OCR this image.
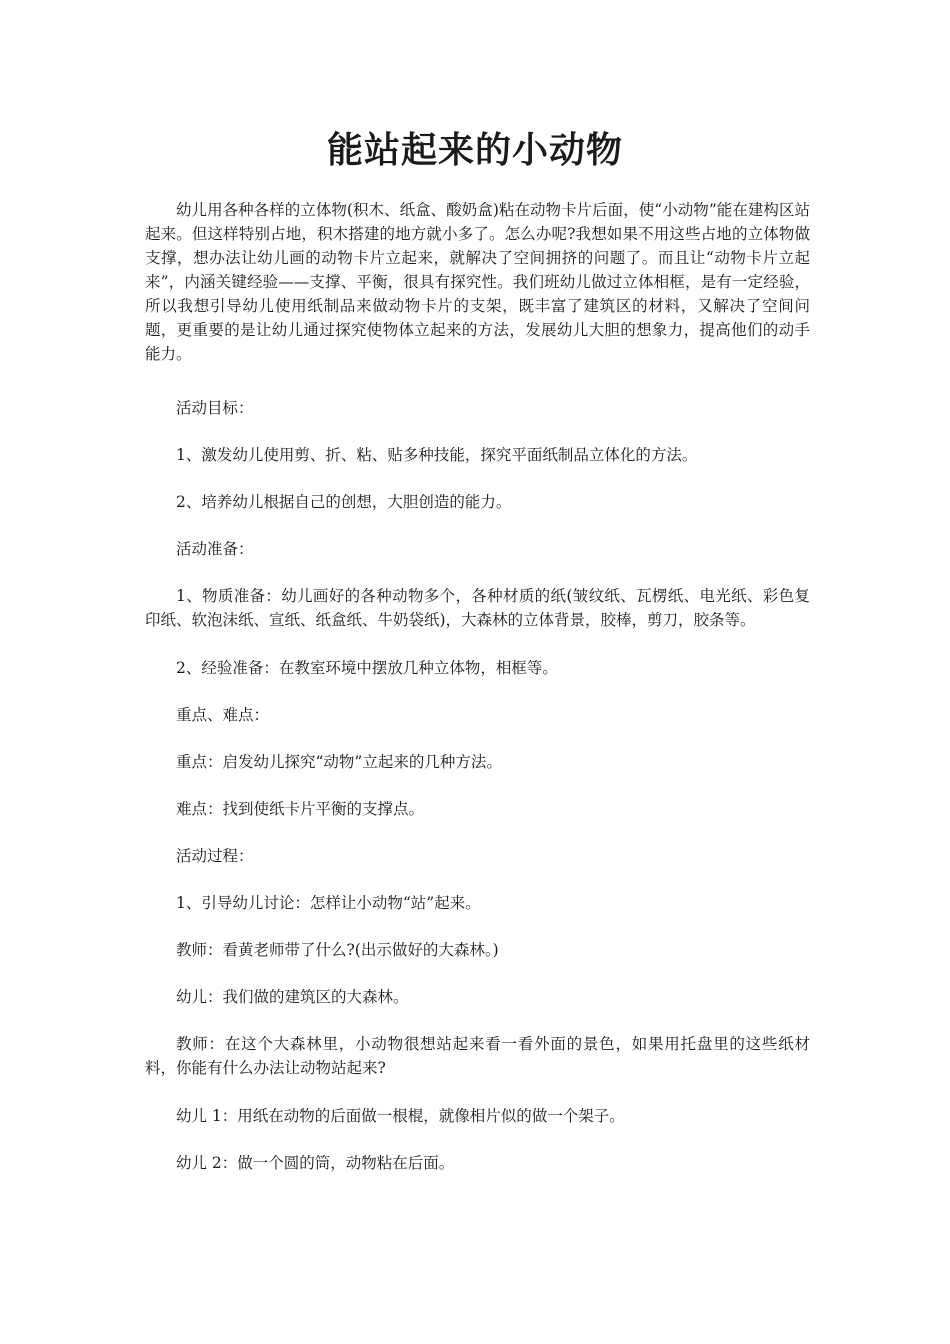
能站起来的小动物

幼儿用各种各样的立体物(积木、纸盒、酸奶盒)粘在动物卡片后面，使“小动物”能在建构区站起来。但这样特别占地，积木搭建的地方就小多了。怎么办呢?我想如果不用这些占地的立体物做支撑，想办法让幼儿画的动物卡片立起来，就解决了空间拥挤的问题了。而且让“动物卡片立起来”，内涵关键经验——支撑、平衡，很具有探究性。我们班幼儿做过立体相框，是有一定经验，所以我想引导幼儿使用纸制品来做动物卡片的支架，既丰富了建筑区的材料，又解决了空间问题，更重要的是让幼儿通过探究使物体立起来的方法，发展幼儿大胆的想象力，提高他们的动手能力。

活动目标：

1、激发幼儿使用剪、折、粘、贴多种技能，探究平面纸制品立体化的方法。

2、培养幼儿根据自己的创想，大胆创造的能力。

活动准备：

1、物质准备：幼儿画好的各种动物多个，各种材质的纸(皱纹纸、瓦楞纸、电光纸、彩色复印纸、软泡沫纸、宣纸、纸盒纸、牛奶袋纸)，大森林的立体背景，胶棒，剪刀，胶条等。

2、经验准备：在教室环境中摆放几种立体物，相框等。

重点、难点：

重点：启发幼儿探究“动物”立起来的几种方法。

难点：找到使纸卡片平衡的支撑点。

活动过程：

1、引导幼儿讨论：怎样让小动物“站”起来。

教师：看黄老师带了什么?(出示做好的大森林。)

幼儿：我们做的建筑区的大森林。

教师：在这个大森林里，小动物很想站起来看一看外面的景色，如果用托盘里的这些纸材料，你能有什么办法让动物站起来?

幼儿 1：用纸在动物的后面做一根棍，就像相片似的做一个架子。

幼儿 2：做一个圆的筒，动物粘在后面。
